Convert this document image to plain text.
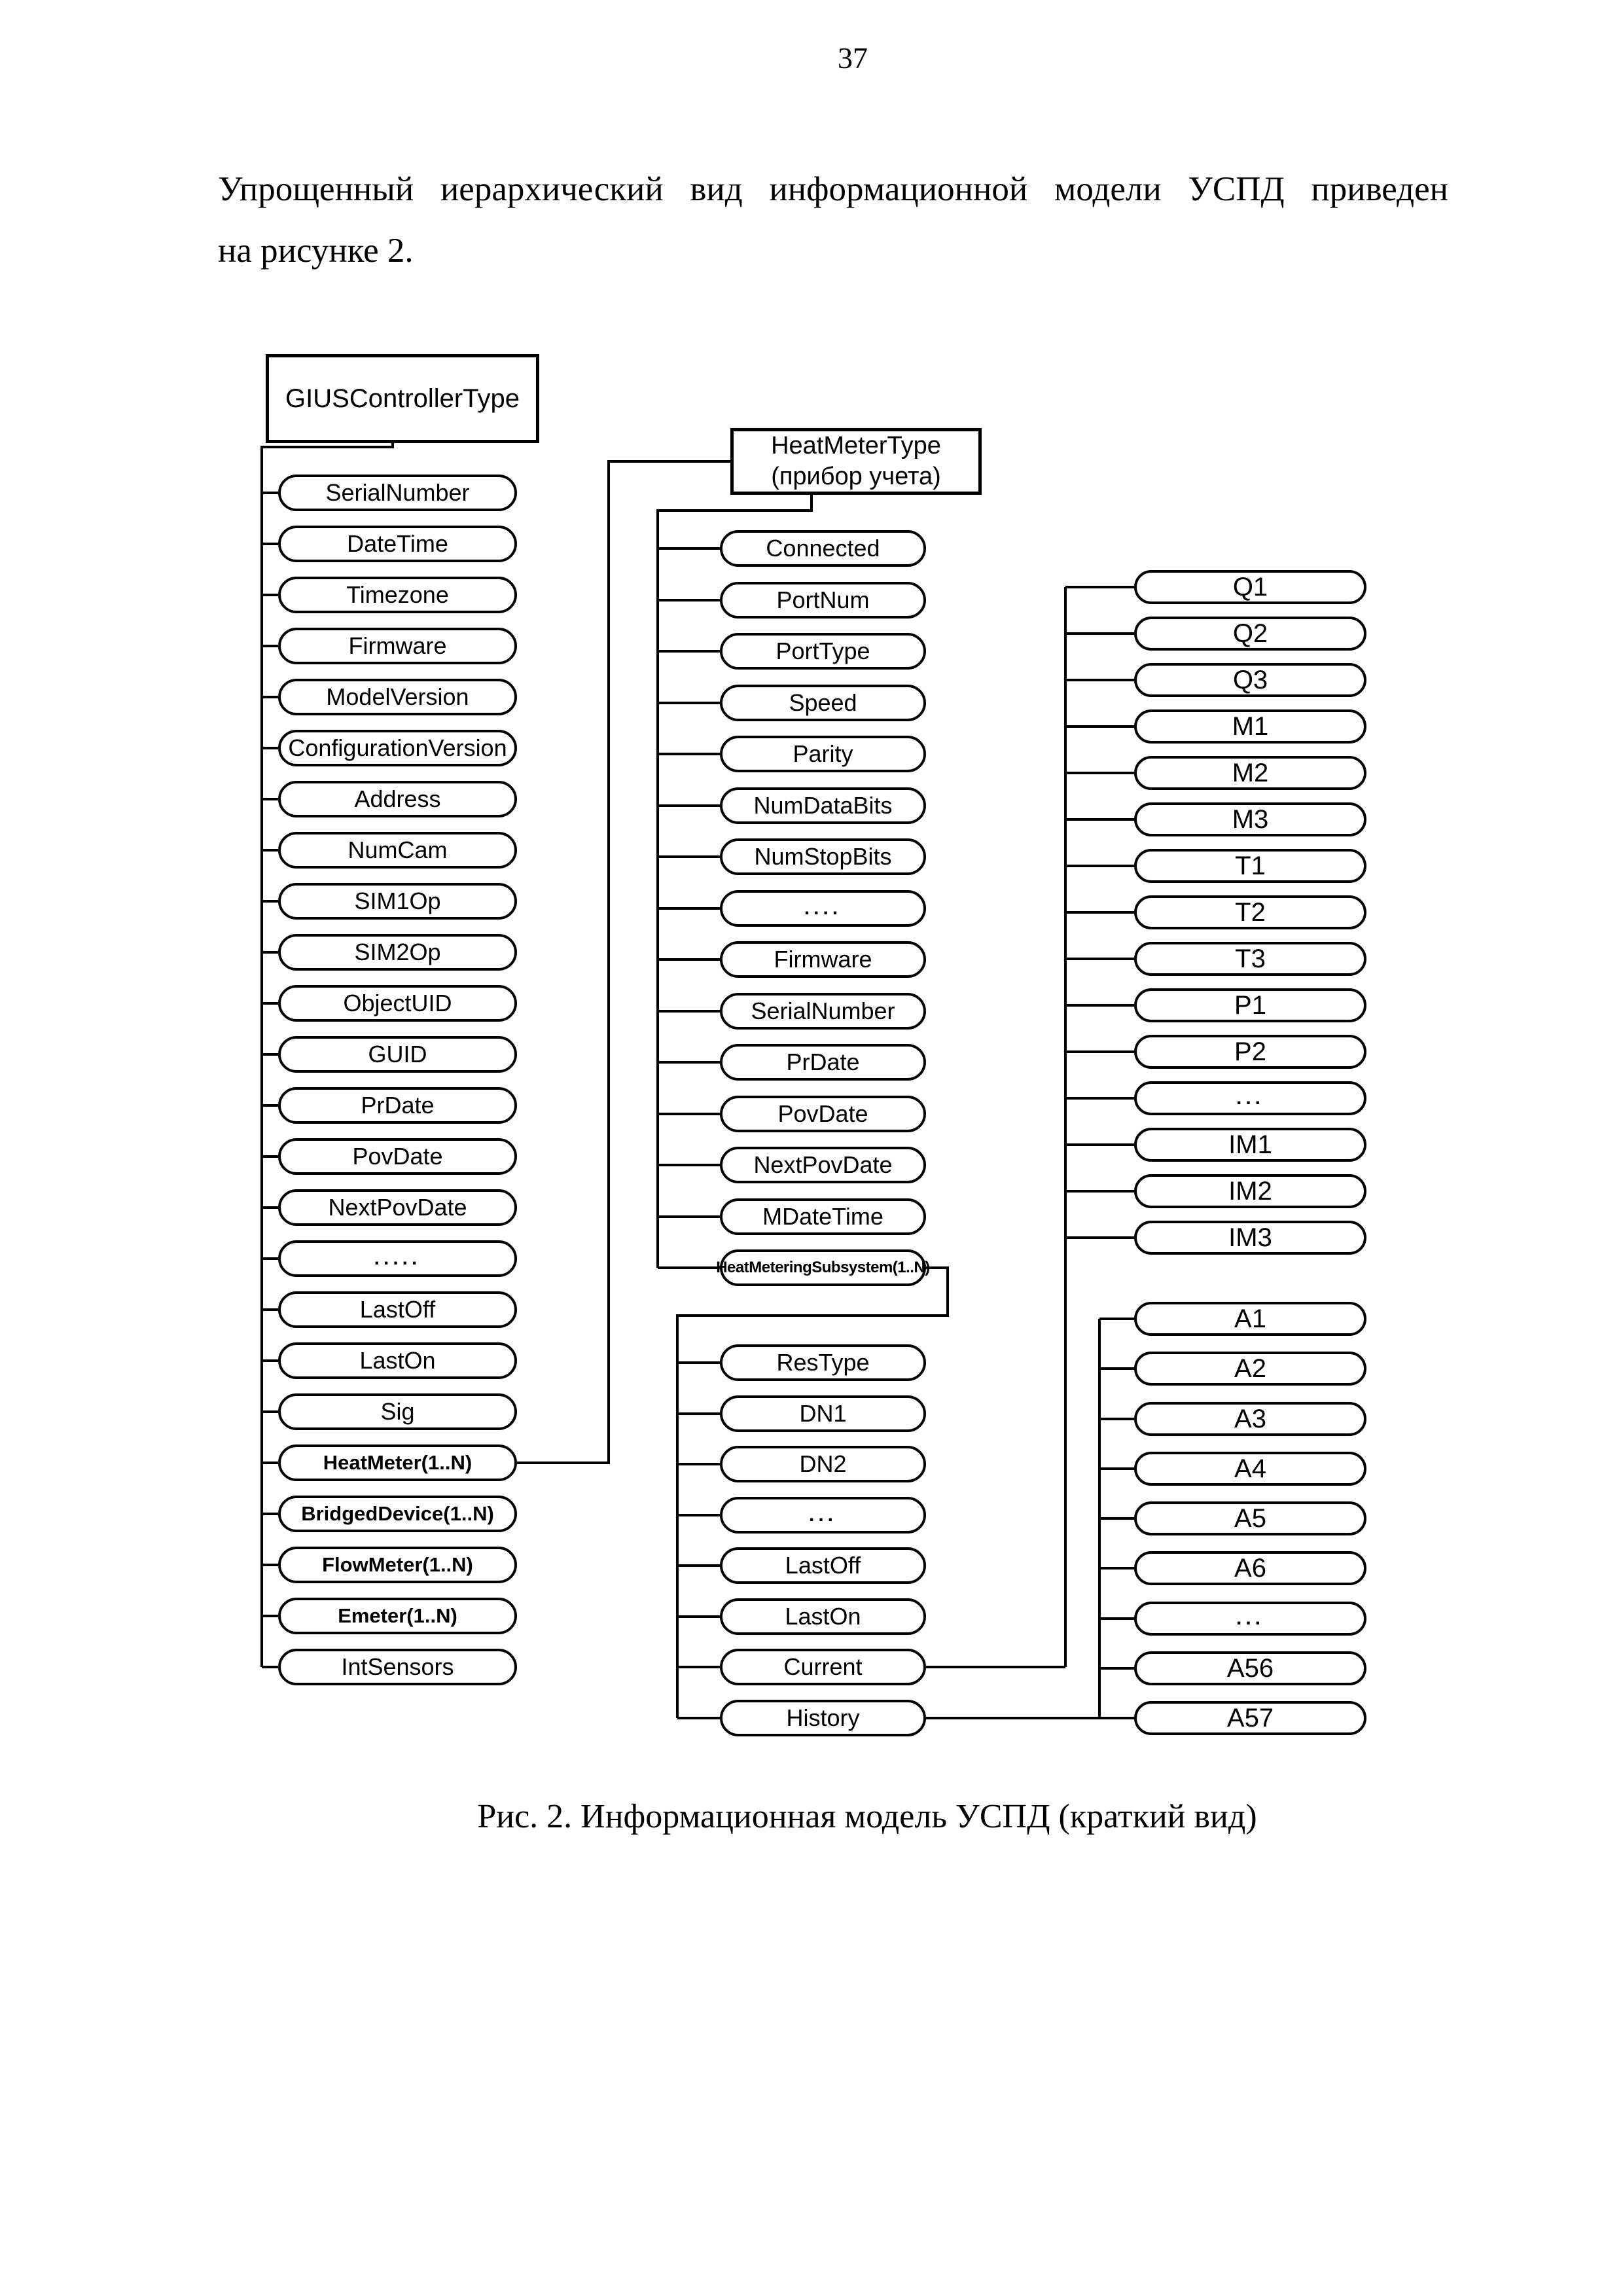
37
Упрощенный иерархический вид информационной модели УСПД приведен
на рисунке 2.
GIUSControllerType
HeatMeterType
(прибор учета)
SerialNumber
DateTime
Timezone
Firmware
ModelVersion
ConfigurationVersion
Address
NumCam
SIM1Op
SIM2Op
ObjectUID
GUID
PrDate
PovDate
NextPovDate
.....
LastOff
LastOn
Sig
HeatMeter(1..N)
BridgedDevice(1..N)
FlowMeter(1..N)
Emeter(1..N)
IntSensors
Connected
PortNum
PortType
Speed
Parity
NumDataBits
NumStopBits
....
Firmware
SerialNumber
PrDate
PovDate
NextPovDate
MDateTime
HeatMeteringSubsystem(1..N)
ResType
DN1
DN2
...
LastOff
LastOn
Current
History
Q1
Q2
Q3
M1
M2
M3
T1
T2
T3
P1
P2
...
IM1
IM2
IM3
A1
A2
A3
A4
A5
A6
...
A56
A57
Рис. 2. Информационная модель УСПД (краткий вид)
